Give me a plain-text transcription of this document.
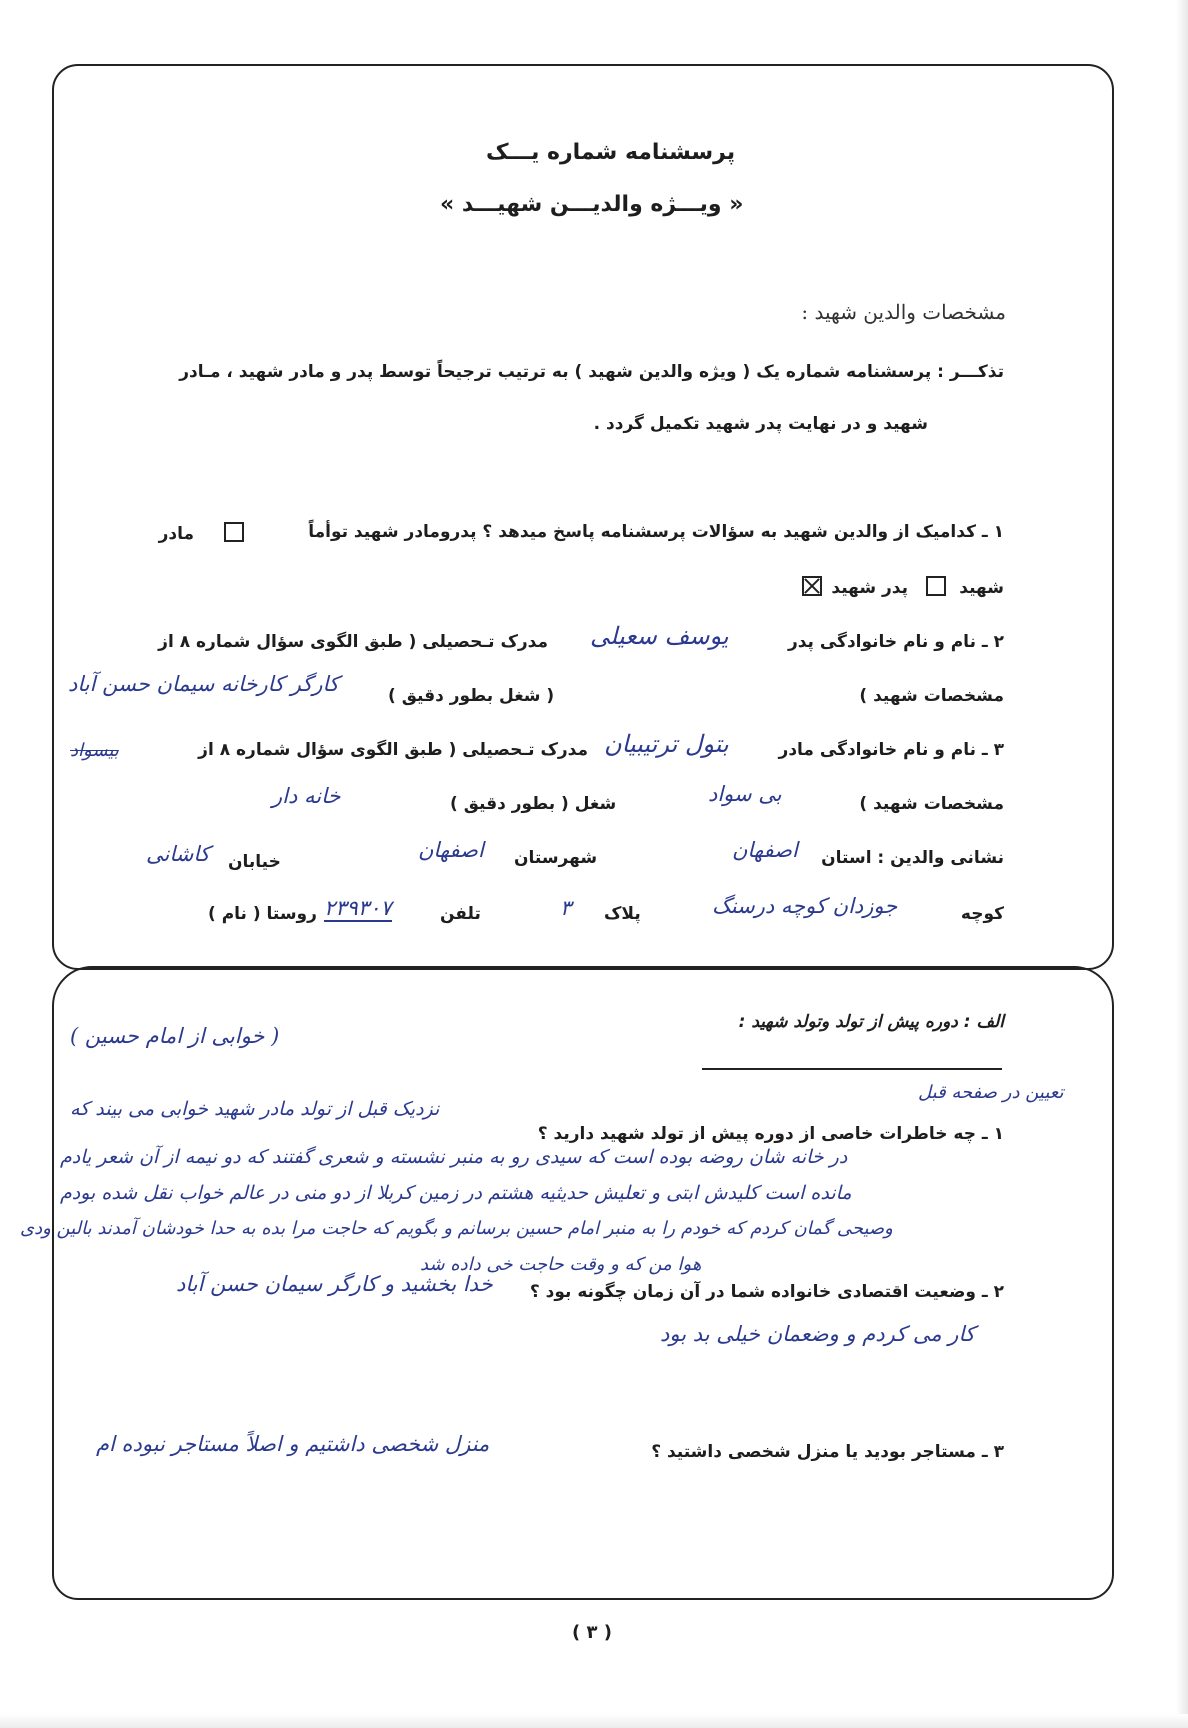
پرسشنامه شماره یـــک
« ویـــژه والدیـــن شهیـــد »
مشخصات والدین شهید :
تذکـــر : پرسشنامه شماره یک ( ویژه والدین شهید ) به ترتیب ترجیحاً توسط پدر و مادر شهید ، مـادر
شهید و در نهایت پدر شهید تکمیل گردد .
۱ ـ کدامیک از والدین شهید به سؤالات پرسشنامه پاسخ میدهد ؟ پدرومادر شهید توأماً
مادر
شهید
پدر شهید
۲ ـ نام و نام خانوادگی پدر
یوسف سعیلی
مدرک تـحصیلی ( طبق الگوی سؤال شماره ۸ از
مشخصات شهید )
( شغل بطور دقیق )
کارگر کارخانه سیمان حسن آباد
۳ ـ نام و نام خانوادگی مادر
بتول ترتیبیان
مدرک تـحصیلی ( طبق الگوی سؤال شماره ۸ از
بیسواد
مشخصات شهید )
بی سواد
شغل ( بطور دقیق )
خانه دار
نشانی والدین : استان
اصفهان
شهرستان
اصفهان
خیابان
کاشانی
کوچه
جوزدان کوچه درسنگ
پلاک
۳
تلفن
۲۳۹۳۰۷
روستا ( نام )
الف : دوره پیش از تولد وتولد شهید :
( خوابی از امام حسین )
تعیین در صفحه قبل
۱ ـ چه خاطرات خاصی از دوره پیش از تولد شهید دارید ؟
نزدیک قبل از تولد مادر شهید خوابی می بیند که
در خانه شان روضه بوده است که سیدی رو به منبر نشسته و شعری گفتند که دو نیمه از آن شعر یادم
مانده است کلیدش ابتی و تعلیش حدیثیه هشتم در زمین کربلا از دو منی در عالم خواب نقل شده بودم
وصیحی گمان کردم که خودم را به منبر امام حسین برسانم و بگویم که حاجت مرا بده به حدا خودشان آمدند بالین ودی
هوا من که و وقت حاجت خی داده شد
۲ ـ وضعیت اقتصادی خانواده شما در آن زمان چگونه بود ؟
خدا بخشید و کارگر سیمان حسن آباد
کار می کردم و وضعمان خیلی بد بود
۳ ـ مستاجر بودید یا منزل شخصی داشتید ؟
منزل شخصی داشتیم و اصلاً مستاجر نبوده ام
( ۳ )
